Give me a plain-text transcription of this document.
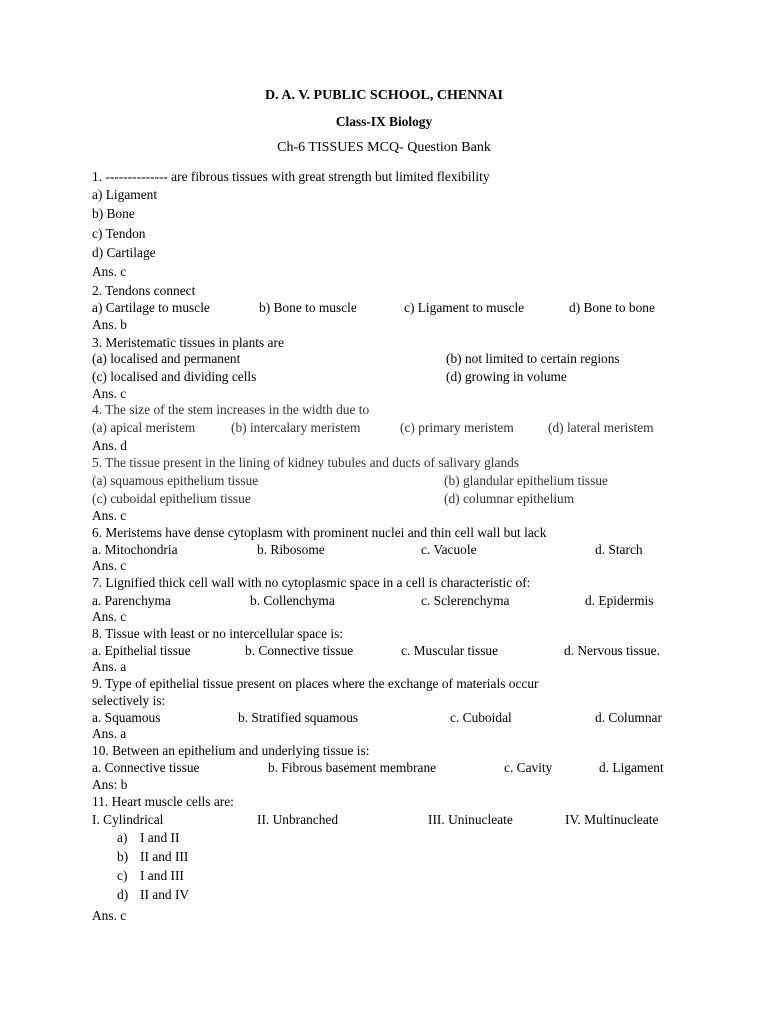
D. A. V. PUBLIC SCHOOL, CHENNAI
Class-IX Biology
Ch-6 TISSUES MCQ- Question Bank
1. -------------- are fibrous tissues with great strength but limited flexibility
a) Ligament
b) Bone
c) Tendon
d) Cartilage
Ans. c
2. Tendons connect
a) Cartilage to muscle	b) Bone to muscle	c) Ligament to muscle	d) Bone to bone
Ans. b
3. Meristematic tissues in plants are
(a) localised and permanent	(b) not limited to certain regions
(c) localised and dividing cells	(d) growing in volume
Ans. c
4. The size of the stem increases in the width due to
(a) apical meristem	(b) intercalary meristem	(c) primary meristem	(d) lateral meristem
Ans. d
5. The tissue present in the lining of kidney tubules and ducts of salivary glands
(a) squamous epithelium tissue	(b) glandular epithelium tissue
(c) cuboidal epithelium tissue	(d) columnar epithelium
Ans. c
6. Meristems have dense cytoplasm with prominent nuclei and thin cell wall but lack
a. Mitochondria	b. Ribosome	c. Vacuole	d. Starch
Ans. c
7. Lignified thick cell wall with no cytoplasmic space in a cell is characteristic of:
a. Parenchyma	b. Collenchyma	c. Sclerenchyma	d. Epidermis
Ans. c
8. Tissue with least or no intercellular space is:
a. Epithelial tissue	b. Connective tissue	c. Muscular tissue	d. Nervous tissue.
Ans. a
9. Type of epithelial tissue present on places where the exchange of materials occur
selectively is:
a. Squamous	b. Stratified squamous	c. Cuboidal	d. Columnar
Ans. a
10. Between an epithelium and underlying tissue is:
a. Connective tissue	b. Fibrous basement membrane	c. Cavity	d. Ligament
Ans: b
11. Heart muscle cells are:
I. Cylindrical	II. Unbranched	III. Uninucleate	IV. Multinucleate
a) I and II
b) II and III
c) I and III
d) II and IV
Ans. c
